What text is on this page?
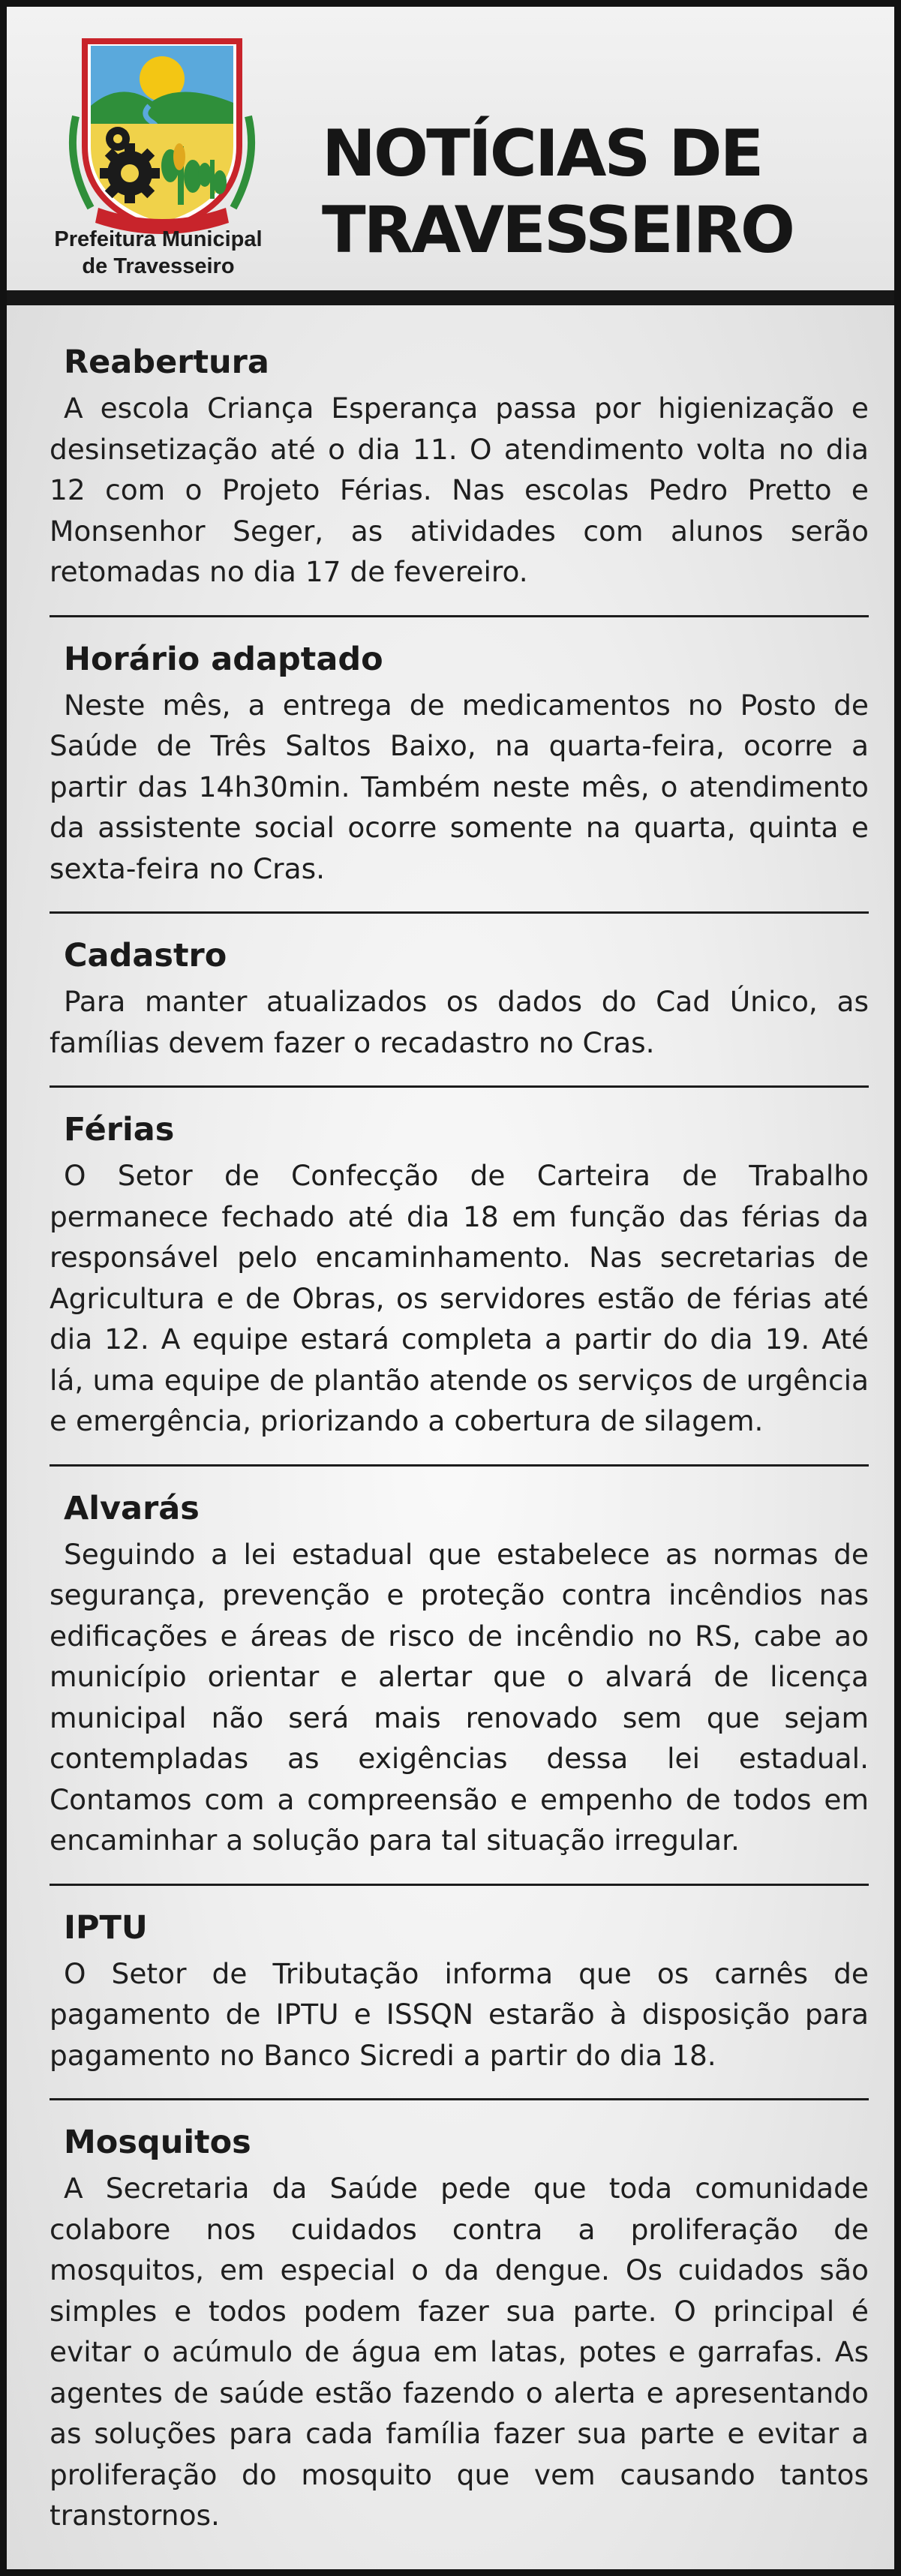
Prefeitura Municipal
de Travesseiro
NOTÍCIAS DE
TRAVESSEIRO
Reabertura

A escola Criança Esperança passa por higienização e desinsetização até o dia 11. O atendimento volta no dia 12 com o Projeto Férias. Nas escolas Pedro Pretto e Monsenhor Seger, as atividades com alunos serão retomadas no dia 17 de fevereiro.

Horário adaptado

Neste mês, a entrega de medicamentos no Posto de Saúde de Três Saltos Baixo, na quarta-feira, ocorre a partir das 14h30min. Também neste mês, o atendimento da assistente social ocorre somente na quarta, quinta e sexta-feira no Cras.

Cadastro

Para manter atualizados os dados do Cad Único, as famílias devem fazer o recadastro no Cras.

Férias

O Setor de Confecção de Carteira de Trabalho permanece fechado até dia 18 em função das férias da responsável pelo encaminhamento. Nas secretarias de Agricultura e de Obras, os servidores estão de férias até dia 12. A equipe estará completa a partir do dia 19. Até lá, uma equipe de plantão atende os serviços de urgência e emergência, priorizando a cobertura de silagem.

Alvarás

Seguindo a lei estadual que estabelece as normas de segurança, prevenção e proteção contra incêndios nas edificações e áreas de risco de incêndio no RS, cabe ao município orientar e alertar que o alvará de licença municipal não será mais renovado sem que sejam contempladas as exigências dessa lei estadual. Contamos com a compreensão e empenho de todos em encaminhar a solução para tal situação irregular.

IPTU

O Setor de Tributação informa que os carnês de pagamento de IPTU e ISSQN estarão à disposição para pagamento no Banco Sicredi a partir do dia 18.

Mosquitos

A Secretaria da Saúde pede que toda comunidade colabore nos cuidados contra a proliferação de mosquitos, em especial o da dengue. Os cuidados são simples e todos podem fazer sua parte. O principal é evitar o acúmulo de água em latas, potes e garrafas. As agentes de saúde estão fazendo o alerta e apresentando as soluções para cada família fazer sua parte e evitar a proliferação do mosquito que vem causando tantos transtornos.
